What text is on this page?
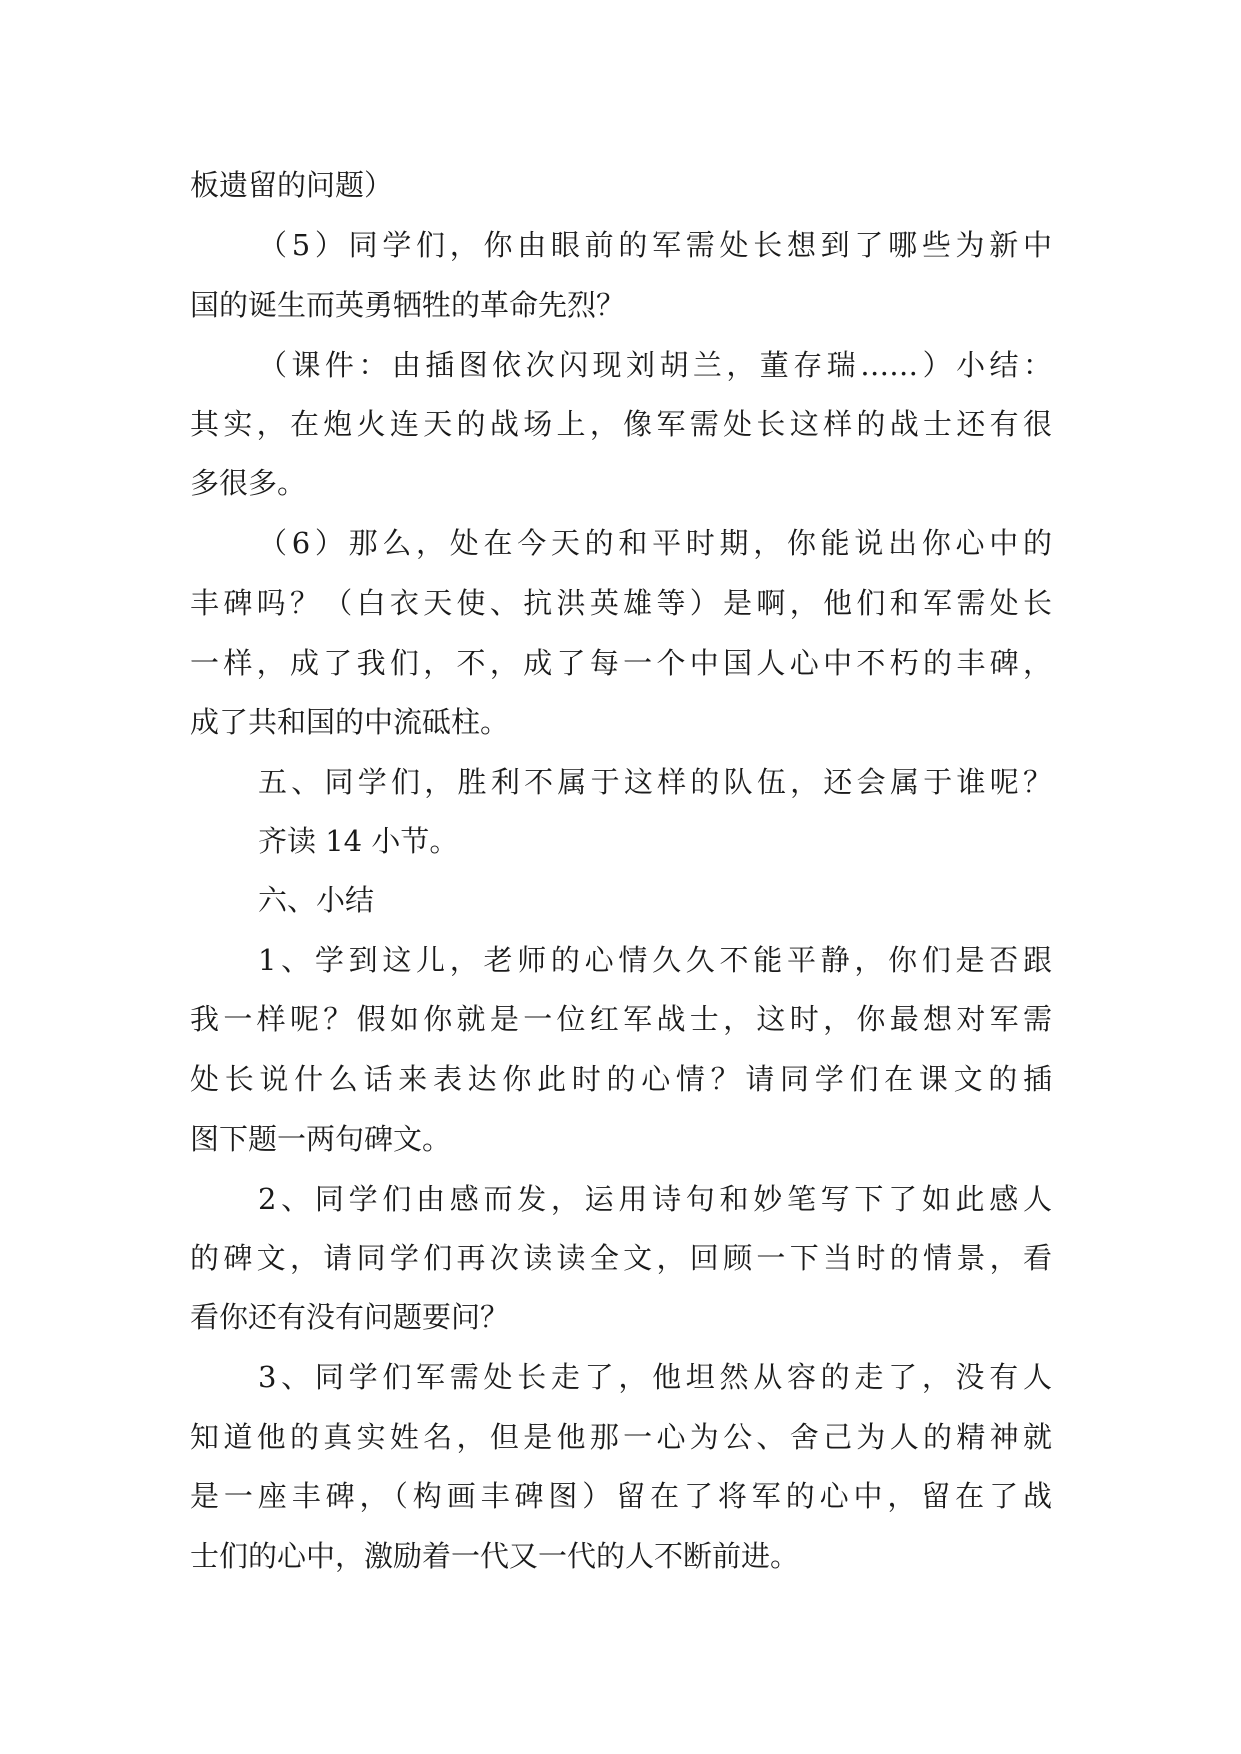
板遗留的问题）
（5）同学们，你由眼前的军需处长想到了哪些为新中
国的诞生而英勇牺牲的革命先烈？
（课件：由插图依次闪现刘胡兰，董存瑞……）小结：
其实，在炮火连天的战场上，像军需处长这样的战士还有很
多很多。
（6）那么，处在今天的和平时期，你能说出你心中的
丰碑吗？（白衣天使、抗洪英雄等）是啊，他们和军需处长
一样，成了我们，不，成了每一个中国人心中不朽的丰碑，
成了共和国的中流砥柱。
五、同学们，胜利不属于这样的队伍，还会属于谁呢？
齐读 14 小节。
六、小结
1、学到这儿，老师的心情久久不能平静，你们是否跟
我一样呢？假如你就是一位红军战士，这时，你最想对军需
处长说什么话来表达你此时的心情？请同学们在课文的插
图下题一两句碑文。
2、同学们由感而发，运用诗句和妙笔写下了如此感人
的碑文，请同学们再次读读全文，回顾一下当时的情景，看
看你还有没有问题要问？
3、同学们军需处长走了，他坦然从容的走了，没有人
知道他的真实姓名，但是他那一心为公、舍己为人的精神就
是一座丰碑，（构画丰碑图）留在了将军的心中，留在了战
士们的心中，激励着一代又一代的人不断前进。
